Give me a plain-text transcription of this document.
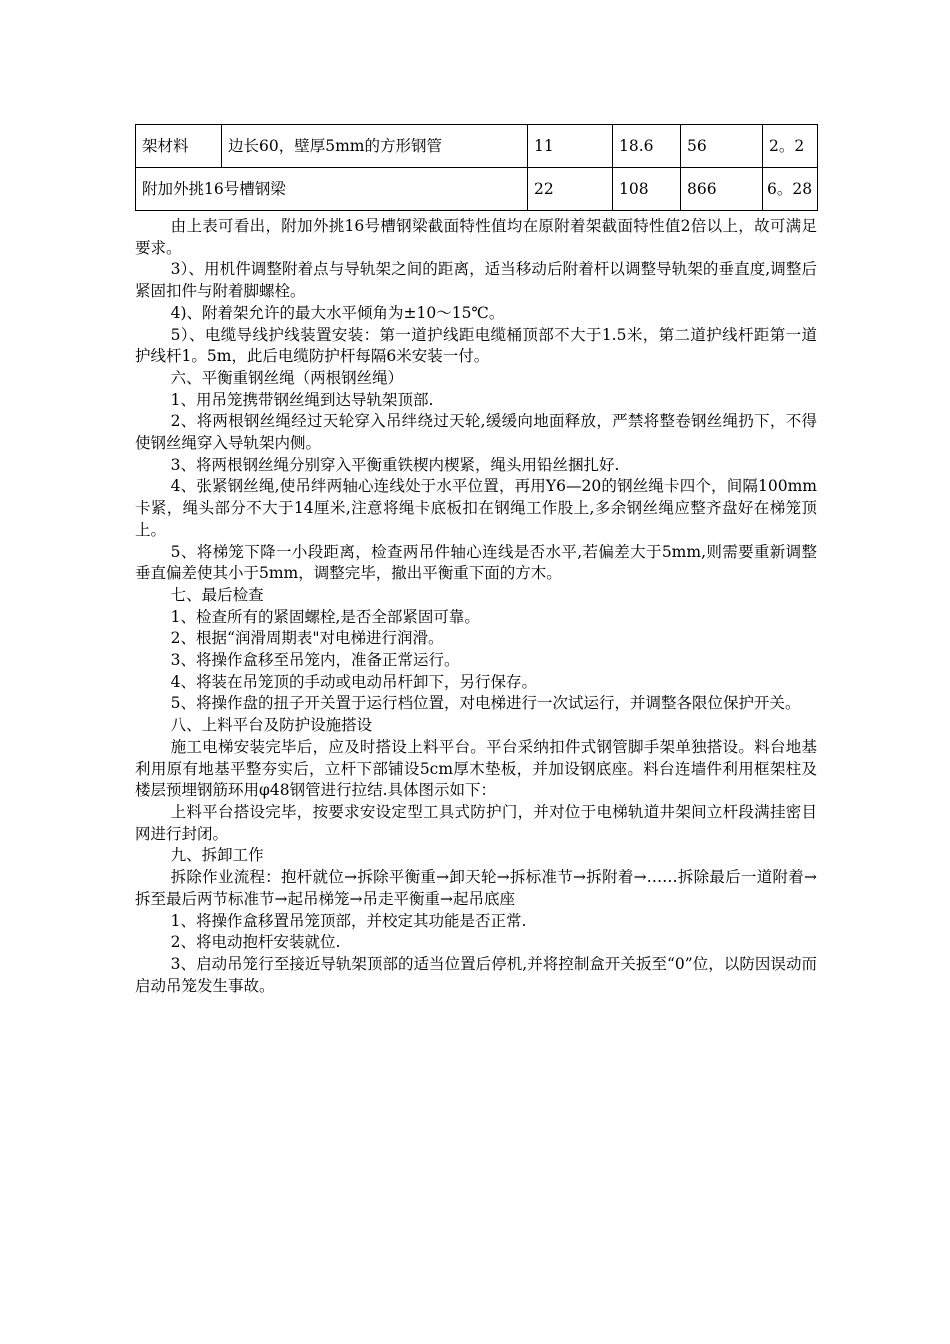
架材料	边长60，壁厚5mm的方形钢管	11	18.6	56	2。2
附加外挑16号槽钢梁		22	108	866	6。28

由上表可看出，附加外挑16号槽钢梁截面特性值均在原附着架截面特性值2倍以上，故可满足要求。

3）、用机件调整附着点与导轨架之间的距离，适当移动后附着杆以调整导轨架的垂直度,调整后紧固扣件与附着脚螺栓。

4)、附着架允许的最大水平倾角为±10～15℃。

5）、电缆导线护线装置安装：第一道护线距电缆桶顶部不大于1.5米，第二道护线杆距第一道护线杆1。5m，此后电缆防护杆每隔6米安装一付。

六、平衡重钢丝绳（两根钢丝绳）

1、用吊笼携带钢丝绳到达导轨架顶部.

2、将两根钢丝绳经过天轮穿入吊绊绕过天轮,缓缓向地面释放，严禁将整卷钢丝绳扔下，不得使钢丝绳穿入导轨架内侧。

3、将两根钢丝绳分别穿入平衡重铁楔内楔紧，绳头用铅丝捆扎好.

4、张紧钢丝绳,使吊绊两轴心连线处于水平位置，再用Y6—20的钢丝绳卡四个，间隔100mm卡紧，绳头部分不大于14厘米,注意将绳卡底板扣在钢绳工作股上,多余钢丝绳应整齐盘好在梯笼顶上。

5、将梯笼下降一小段距离，检查两吊件轴心连线是否水平,若偏差大于5mm,则需要重新调整垂直偏差使其小于5mm，调整完毕，撤出平衡重下面的方木。

七、最后检查

1、检查所有的紧固螺栓,是否全部紧固可靠。

2、根据“润滑周期表"对电梯进行润滑。

3、将操作盒移至吊笼内，准备正常运行。

4、将装在吊笼顶的手动或电动吊杆卸下，另行保存。

5、将操作盘的扭子开关置于运行档位置，对电梯进行一次试运行，并调整各限位保护开关。

八、上料平台及防护设施搭设

施工电梯安装完毕后，应及时搭设上料平台。平台采纳扣件式钢管脚手架单独搭设。料台地基利用原有地基平整夯实后，立杆下部铺设5cm厚木垫板，并加设钢底座。料台连墙件利用框架柱及楼层预埋钢筋环用φ48钢管进行拉结.具体图示如下：

上料平台搭设完毕，按要求安设定型工具式防护门，并对位于电梯轨道井架间立杆段满挂密目网进行封闭。

九、拆卸工作

拆除作业流程：抱杆就位→拆除平衡重→卸天轮→拆标准节→拆附着→……拆除最后一道附着→拆至最后两节标准节→起吊梯笼→吊走平衡重→起吊底座

1、将操作盒移置吊笼顶部，并校定其功能是否正常.

2、将电动抱杆安装就位.

3、启动吊笼行至接近导轨架顶部的适当位置后停机,并将控制盒开关扳至“0”位，以防因误动而启动吊笼发生事故。
